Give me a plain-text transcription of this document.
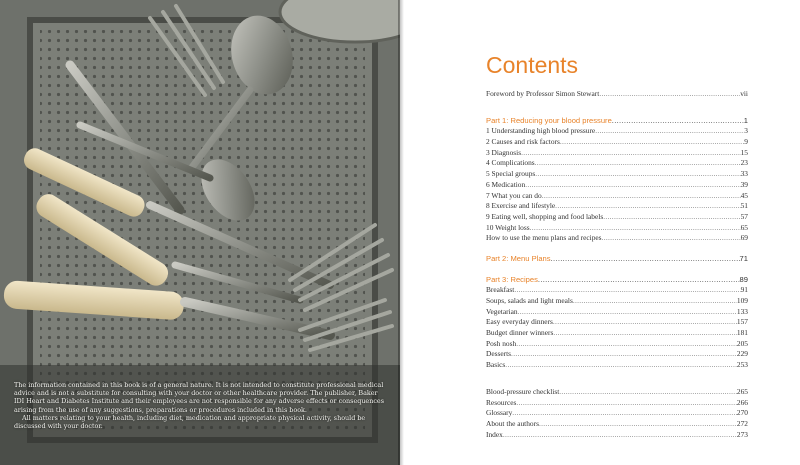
The information contained in this book is of a general nature. It is not intended to constitute professional medical advice and is not a substitute for consulting with your doctor or other healthcare provider. The publisher, Baker IDI Heart and Diabetes Institute and their employees are not responsible for any adverse effects or consequences arising from the use of any suggestions, preparations or procedures included in this book.

All matters relating to your health, including diet, medication and appropriate physical activity, should be discussed with your doctor.

Contents
Foreword by Professor Simon Stewart .....	vii
Part 1: Reducing your blood pressure .....	1
1 Understanding high blood pressure .....	3
2 Causes and risk factors .....	9
3 Diagnosis .....	15
4 Complications .....	23
5 Special groups .....	33
6 Medication .....	39
7 What you can do .....	45
8 Exercise and lifestyle .....	51
9 Eating well, shopping and food labels .....	57
10 Weight loss .....	65
How to use the menu plans and recipes .....	69
Part 2: Menu Plans .....	71
Part 3: Recipes .....	89
Breakfast .....	91
Soups, salads and light meals .....	109
Vegetarian .....	133
Easy everyday dinners .....	157
Budget dinner winners .....	181
Posh nosh .....	205
Desserts .....	229
Basics .....	253
Blood-pressure checklist .....	265
Resources .....	266
Glossary .....	270
About the authors .....	272
Index .....	273
